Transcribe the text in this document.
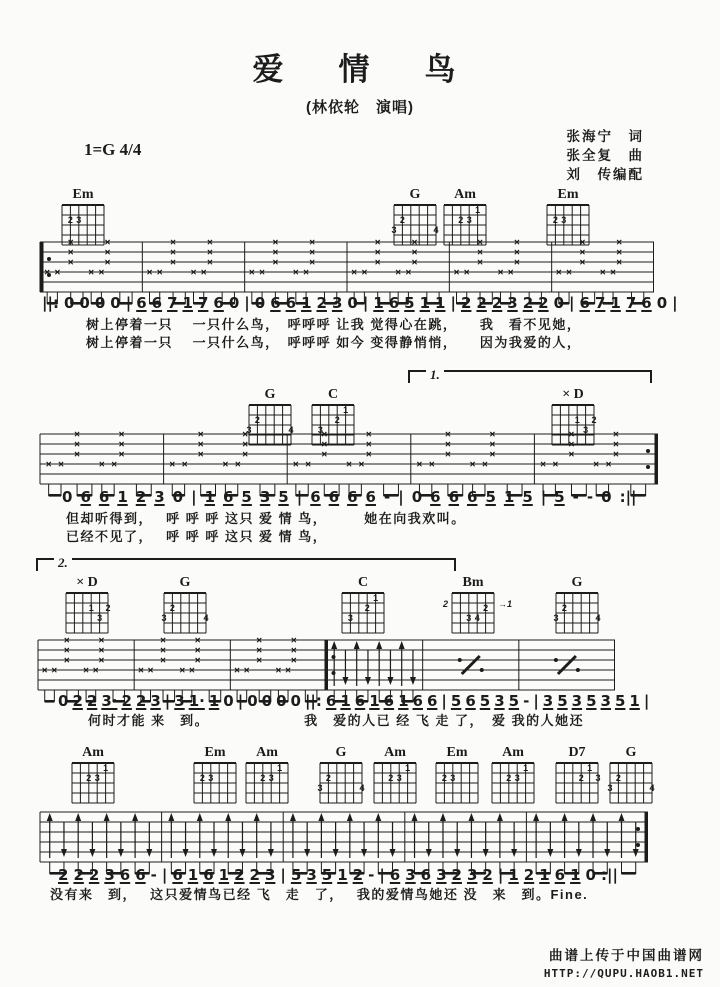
爱　情　鸟
(林依轮　演唱)
1=G 4/4
张海宁　词
张全复　曲
刘　传编配
Em
2 3
G
2
3	4
Am
1
2 3
Em
2 3
×
×
×
×
×
×
× ×	× ×
×
×
×
×
×
×
× ×	× ×
×
×
×
×
×
×
× ×	× ×
×
×
×
×
×
×
× ×	× ×
×
×
×
×
×
×
× ×	× ×
×
×
×
×
×
×
× ×	× ×
||: 0 0 0 0 | 6 6 7 1 7 6 0 | 0 6 6 1 2 3 0 | 1 6 5 1 1 | 2 2 2 3 2 2 0 | 6 7 1 7 6 0 |
树上停着一只　 一只什么鸟，　呼呼呼 让我 觉得心在跳，　　我　看不见她，
树上停着一只　 一只什么鸟，　呼呼呼 如今 变得静悄悄，　　因为我爱的人，
1.
G
2
3	4
C
1
2
3
× D
1 2
3
×
×
×
×
×
×
× ×	× ×
×
×
×
×
×
×
× ×	× ×
×
×
×
×
×
×
× ×	× ×
×
×
×
×
×
×
× ×	× ×
×
×
×
×
×
×
× ×	× ×
0 6 6 1 2 3 0 | 1 6 5 3 5 | 6 6 6 6 - | 0 6 6 6 5 1 5 | 5 - - 0 :||
但却听得到，　 呼 呼 呼 这只 爱 情 鸟，　　　她在向我欢叫。
已经不见了，　 呼 呼 呼 这只 爱 情 鸟，
2.
× D
1 2
3
G
2
3	4
C
1
2
3
Bm
2
3 4
2	→1
G
2
3	4
×
×
×
×
×
×
× ×	× ×
×
×
×
×
×
×
× ×	× ×
×
×
×
×
×
×
× ×	× ×
0 2 2 3· 2 2 3 | 3 1· 1 0 | 0 0 0 0 ||: 6 1 6 1 6 1 6 6 | 5 6 5 3 5 - | 3 5 3 5 3 5 1 |
何时才能 来　到。　　　　　　　我　爱的人已 经 飞 走 了，　爱 我的人她还
Am
1
2 3
Em
2 3
Am
1
2 3
G
2
3	4
Am
1
2 3
Em
2 3
Am
1
2 3
D7
1
2 3
G
2
3	4
2 2 2 3 6 6 - | 6 1 6 1 2 2 3 | 5 3 5 1 2 - | 6 3 6 3 2 3 2 | 1 2 1 6 1 0 :||
没有来　到，　 这只爱情鸟已经 飞　走　了，　 我的爱情鸟她还 没　来　到。Fine.
曲谱上传于中国曲谱网
HTTP://QUPU.HAOB1.NET
